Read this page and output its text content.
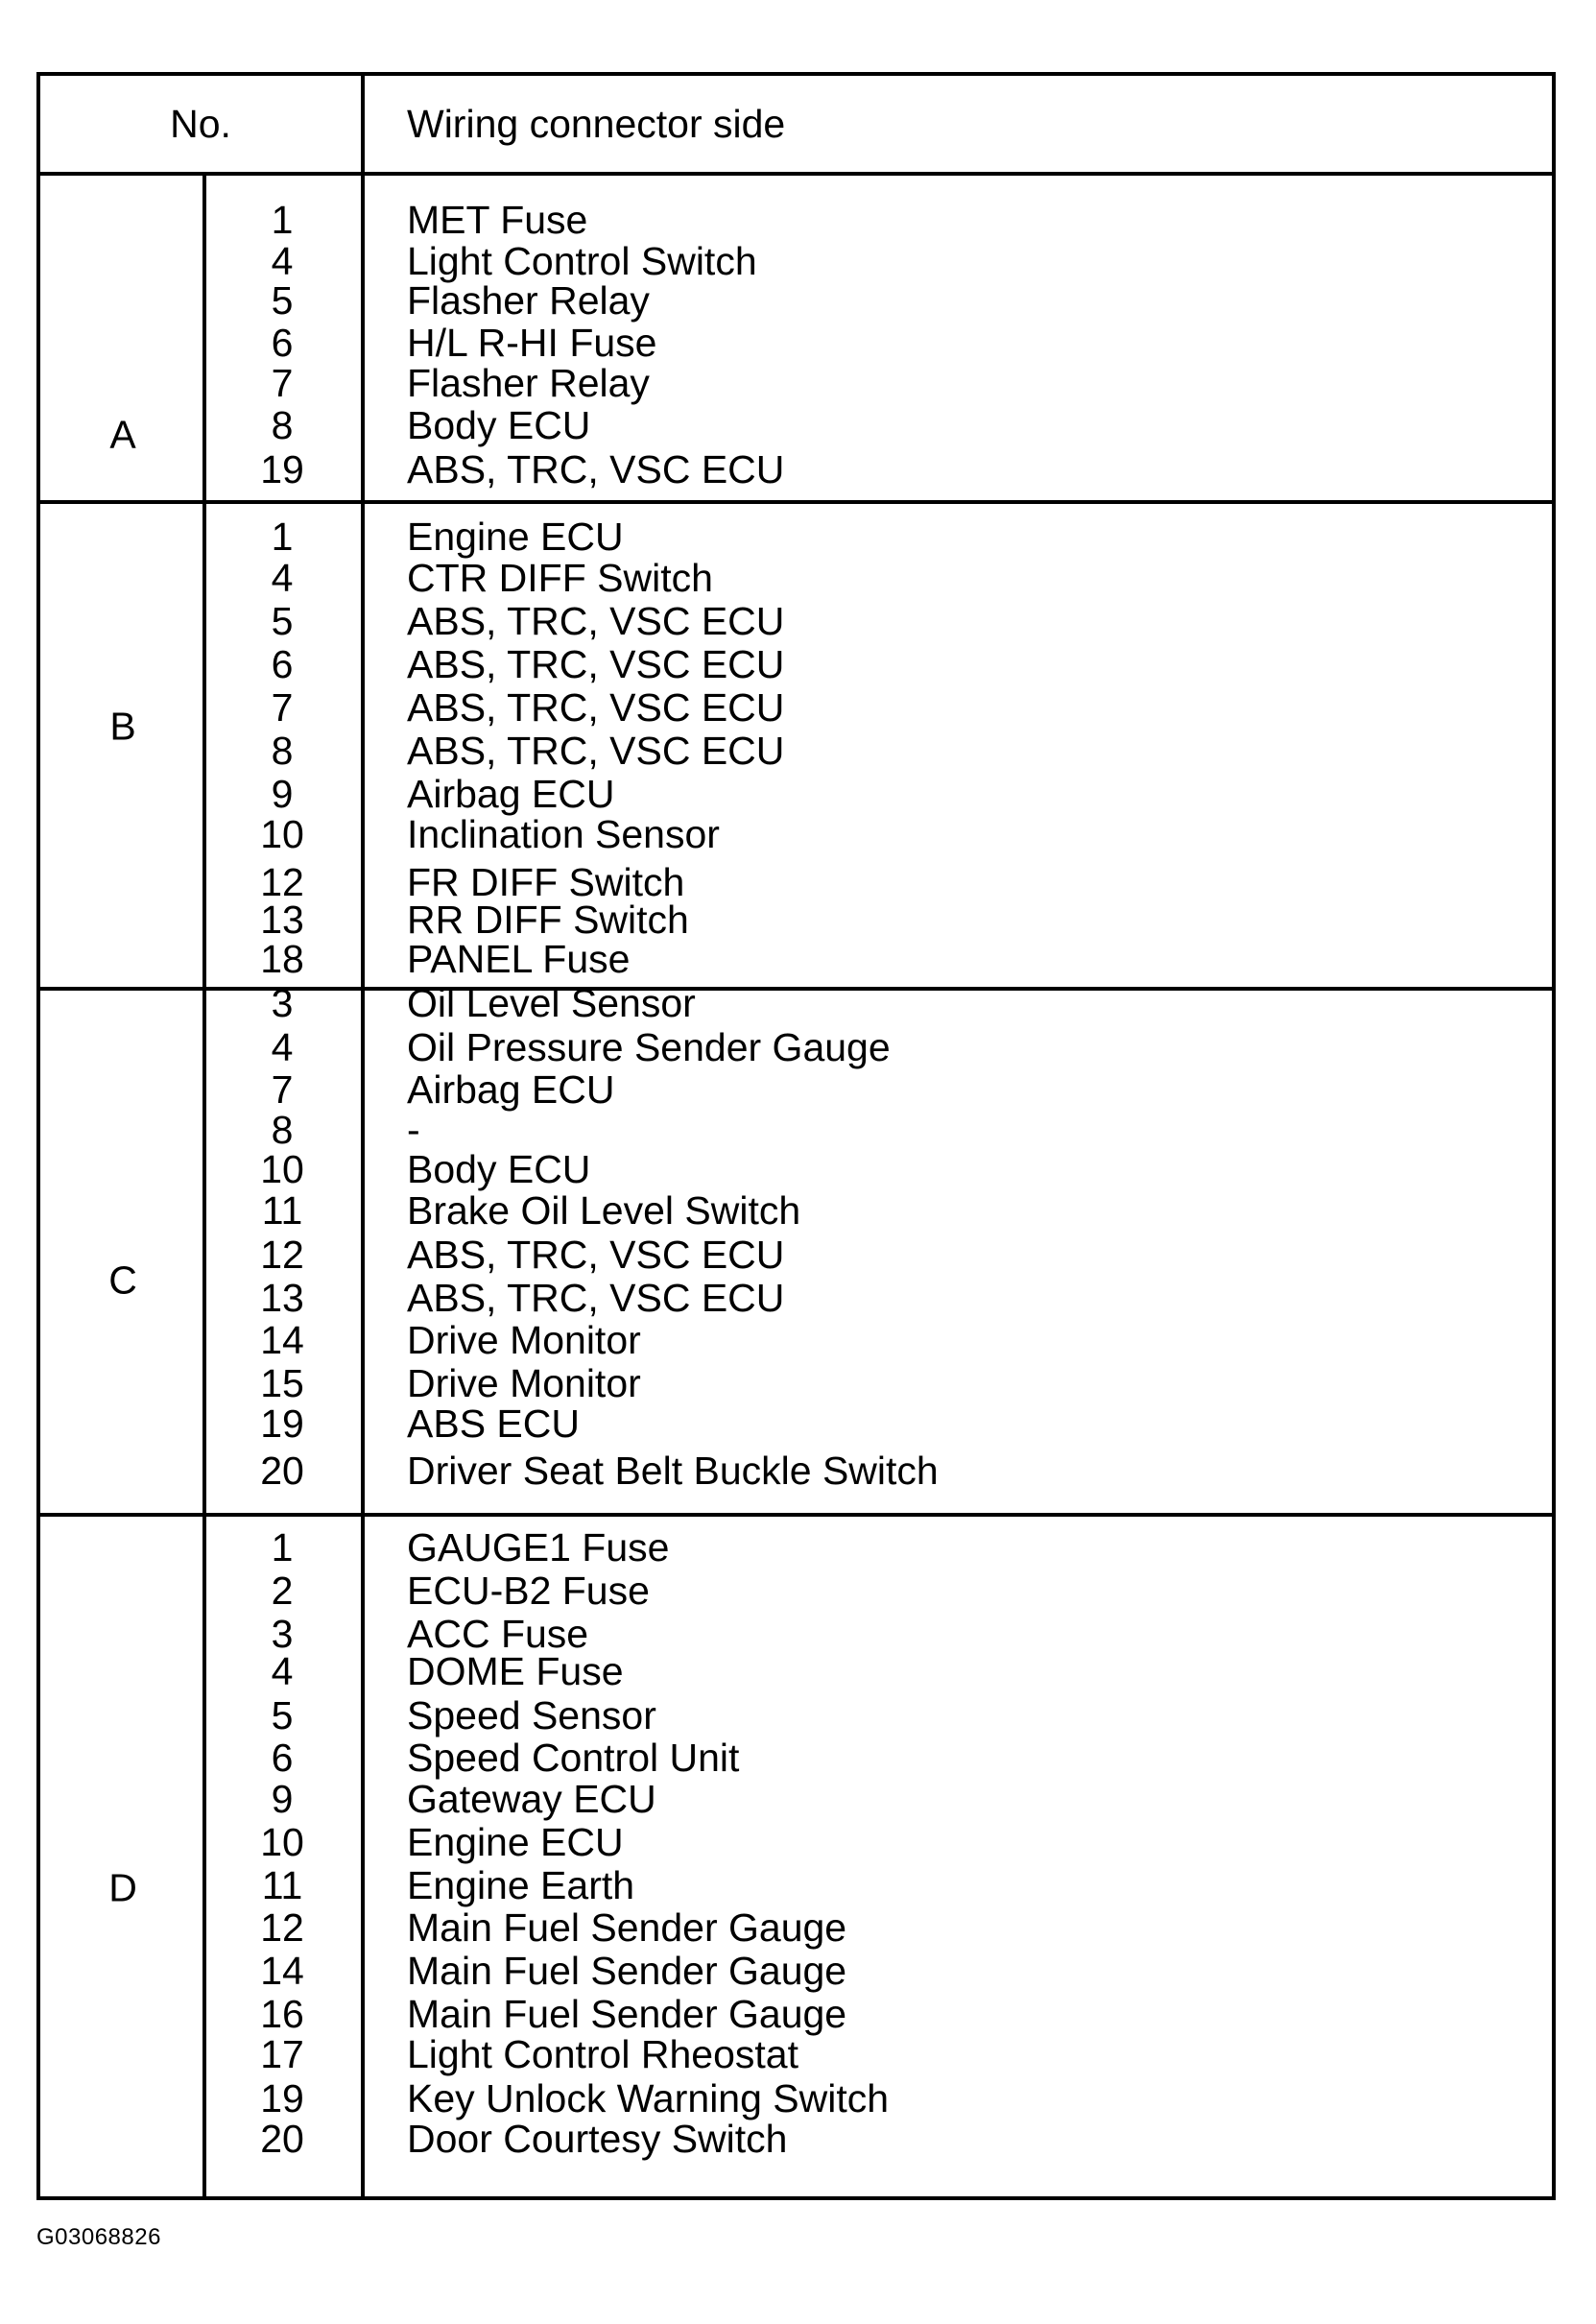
No.	Wiring connector side
A
1	MET Fuse
4	Light Control Switch
5	Flasher Relay
6	H/L R-HI Fuse
7	Flasher Relay
8	Body ECU
19	ABS, TRC, VSC ECU
B
1	Engine ECU
4	CTR DIFF Switch
5	ABS, TRC, VSC ECU
6	ABS, TRC, VSC ECU
7	ABS, TRC, VSC ECU
8	ABS, TRC, VSC ECU
9	Airbag ECU
10	Inclination Sensor
12	FR DIFF Switch
13	RR DIFF Switch
18	PANEL Fuse
C
3	Oil Level Sensor
4	Oil Pressure Sender Gauge
7	Airbag ECU
8	-
10	Body ECU
11	Brake Oil Level Switch
12	ABS, TRC, VSC ECU
13	ABS, TRC, VSC ECU
14	Drive Monitor
15	Drive Monitor
19	ABS ECU
20	Driver Seat Belt Buckle Switch
D
1	GAUGE1 Fuse
2	ECU-B2 Fuse
3	ACC Fuse
4	DOME Fuse
5	Speed Sensor
6	Speed Control Unit
9	Gateway ECU
10	Engine ECU
11	Engine Earth
12	Main Fuel Sender Gauge
14	Main Fuel Sender Gauge
16	Main Fuel Sender Gauge
17	Light Control Rheostat
19	Key Unlock Warning Switch
20	Door Courtesy Switch
G03068826
